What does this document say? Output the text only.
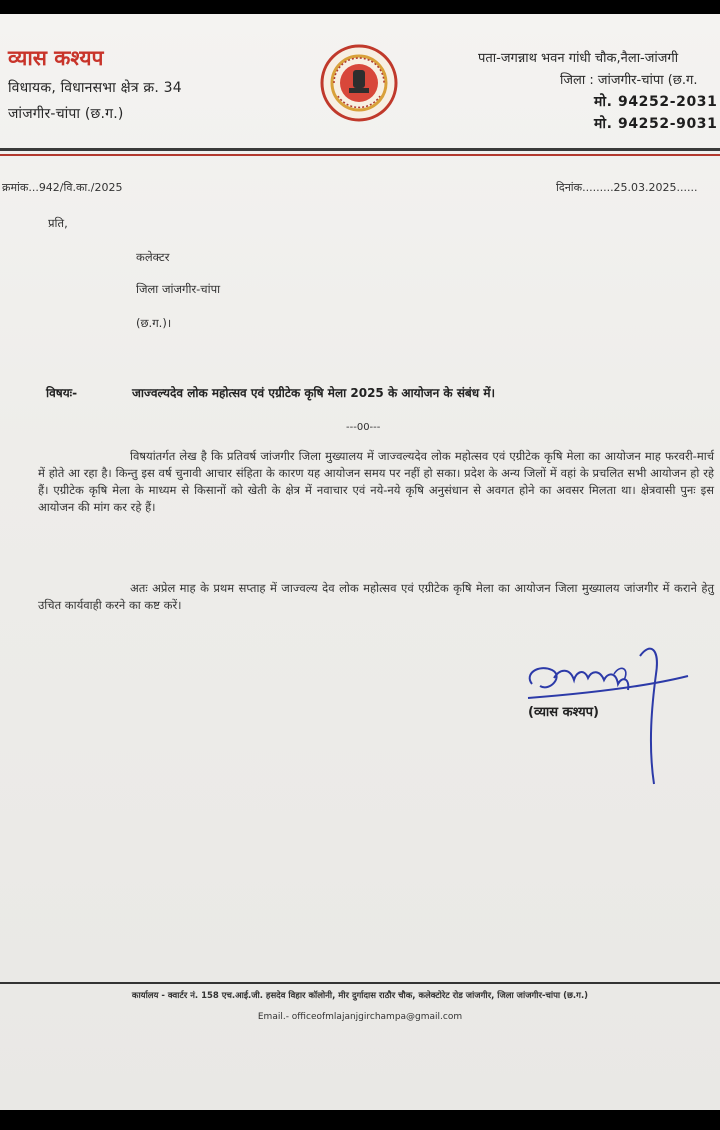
व्यास कश्यप
विधायक, विधानसभा क्षेत्र क्र. 34
जांजगीर-चांपा (छ.ग.)
पता-जगन्नाथ भवन गांधी चौक,नैला-जांजगी
जिला : जांजगीर-चांपा (छ.ग.
मो. 94252-2031
मो. 94252-9031
क्रमांक...942/वि.का./2025	दिनांक.........25.03.2025......
प्रति,
कलेक्टर
जिला जांजगीर-चांपा
(छ.ग.)।
विषयः-	जाज्वल्यदेव लोक महोत्सव एवं एग्रीटेक कृषि मेला 2025 के आयोजन के संबंध में।
---00---
विषयांतर्गत लेख है कि प्रतिवर्ष जांजगीर जिला मुख्यालय में जाज्वल्यदेव लोक महोत्सव एवं एग्रीटेक कृषि मेला का आयोजन माह फरवरी-मार्च में होते आ रहा है। किन्तु इस वर्ष चुनावी आचार संहिता के कारण यह आयोजन समय पर नहीं हो सका। प्रदेश के अन्य जिलों में वहां के प्रचलित सभी आयोजन हो रहे हैं। एग्रीटेक कृषि मेला के माध्यम से किसानों को खेती के क्षेत्र में नवाचार एवं नये-नये कृषि अनुसंधान से अवगत होने का अवसर मिलता था। क्षेत्रवासी पुनः इस आयोजन की मांग कर रहे हैं।
अतः अप्रेल माह के प्रथम सप्ताह में जाज्वल्य देव लोक महोत्सव एवं एग्रीटेक कृषि मेला का आयोजन जिला मुख्यालय जांजगीर में कराने हेतु उचित कार्यवाही करने का कष्ट करें।
(व्यास कश्यप)
कार्यालय - क्वार्टर नं. 158 एच.आई.जी. हसदेव विहार कॉलोनी, मीर दुर्गादास राठौर चौक, कलेक्टोरेट रोड जांजगीर, जिला जांजगीर-चांपा (छ.ग.)
Email.- officeofmlajanjgirchampa@gmail.com
